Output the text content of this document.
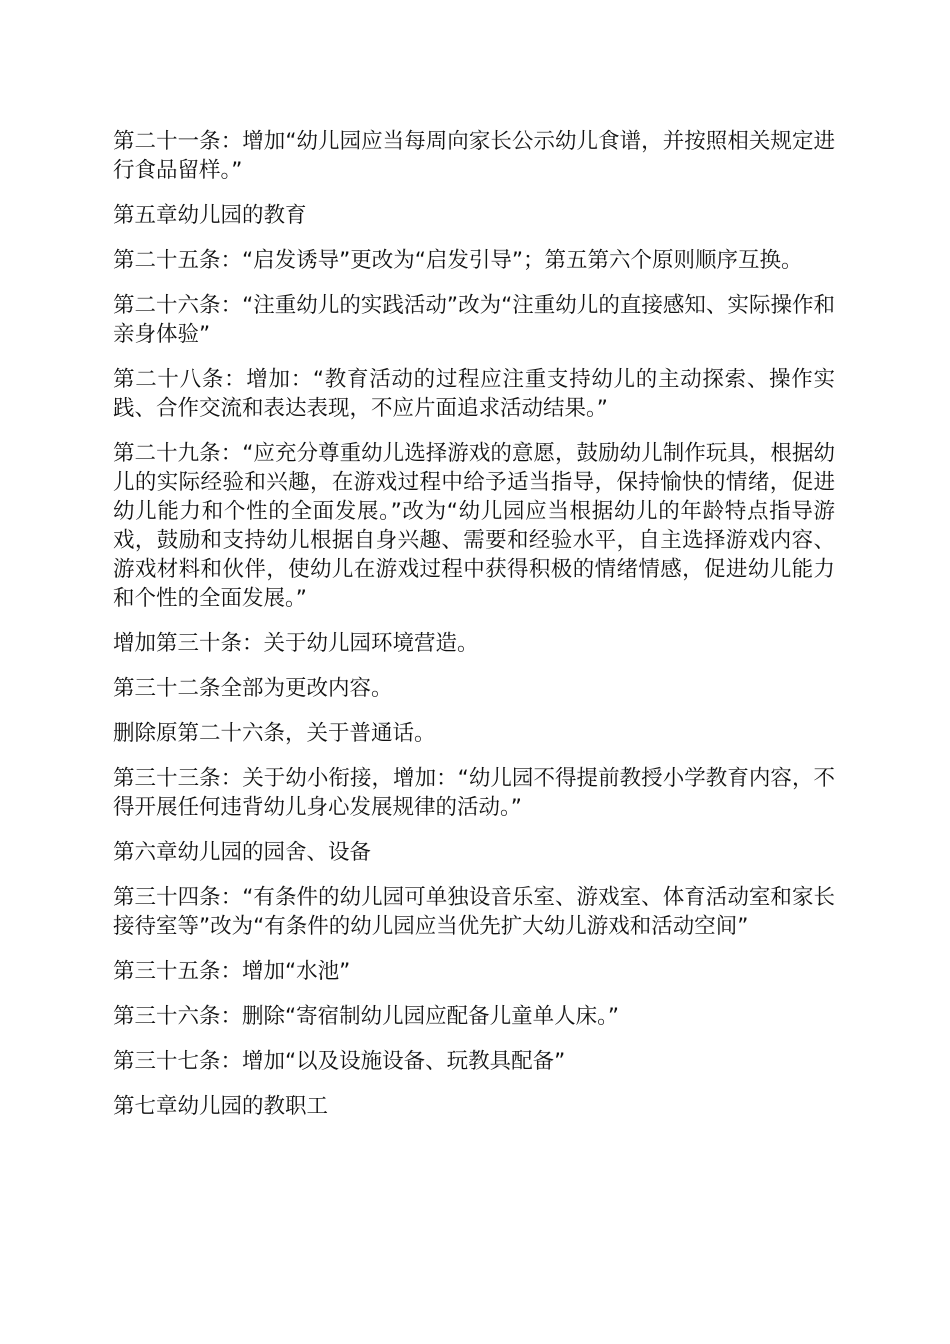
第二十一条：增加“幼儿园应当每周向家长公示幼儿食谱，并按照相关规定进行食品留样。”

第五章幼儿园的教育

第二十五条：“启发诱导”更改为“启发引导”；第五第六个原则顺序互换。

第二十六条：“注重幼儿的实践活动”改为“注重幼儿的直接感知、实际操作和亲身体验”

第二十八条：增加：“教育活动的过程应注重支持幼儿的主动探索、操作实践、合作交流和表达表现，不应片面追求活动结果。”

第二十九条：“应充分尊重幼儿选择游戏的意愿，鼓励幼儿制作玩具，根据幼儿的实际经验和兴趣，在游戏过程中给予适当指导，保持愉快的情绪，促进幼儿能力和个性的全面发展。”改为“幼儿园应当根据幼儿的年龄特点指导游戏，鼓励和支持幼儿根据自身兴趣、需要和经验水平，自主选择游戏内容、游戏材料和伙伴，使幼儿在游戏过程中获得积极的情绪情感，促进幼儿能力和个性的全面发展。”

增加第三十条：关于幼儿园环境营造。

第三十二条全部为更改内容。

删除原第二十六条，关于普通话。

第三十三条：关于幼小衔接，增加：“幼儿园不得提前教授小学教育内容，不得开展任何违背幼儿身心发展规律的活动。”

第六章幼儿园的园舍、设备

第三十四条：“有条件的幼儿园可单独设音乐室、游戏室、体育活动室和家长接待室等”改为“有条件的幼儿园应当优先扩大幼儿游戏和活动空间”

第三十五条：增加“水池”

第三十六条：删除“寄宿制幼儿园应配备儿童单人床。”

第三十七条：增加“以及设施设备、玩教具配备”

第七章幼儿园的教职工
